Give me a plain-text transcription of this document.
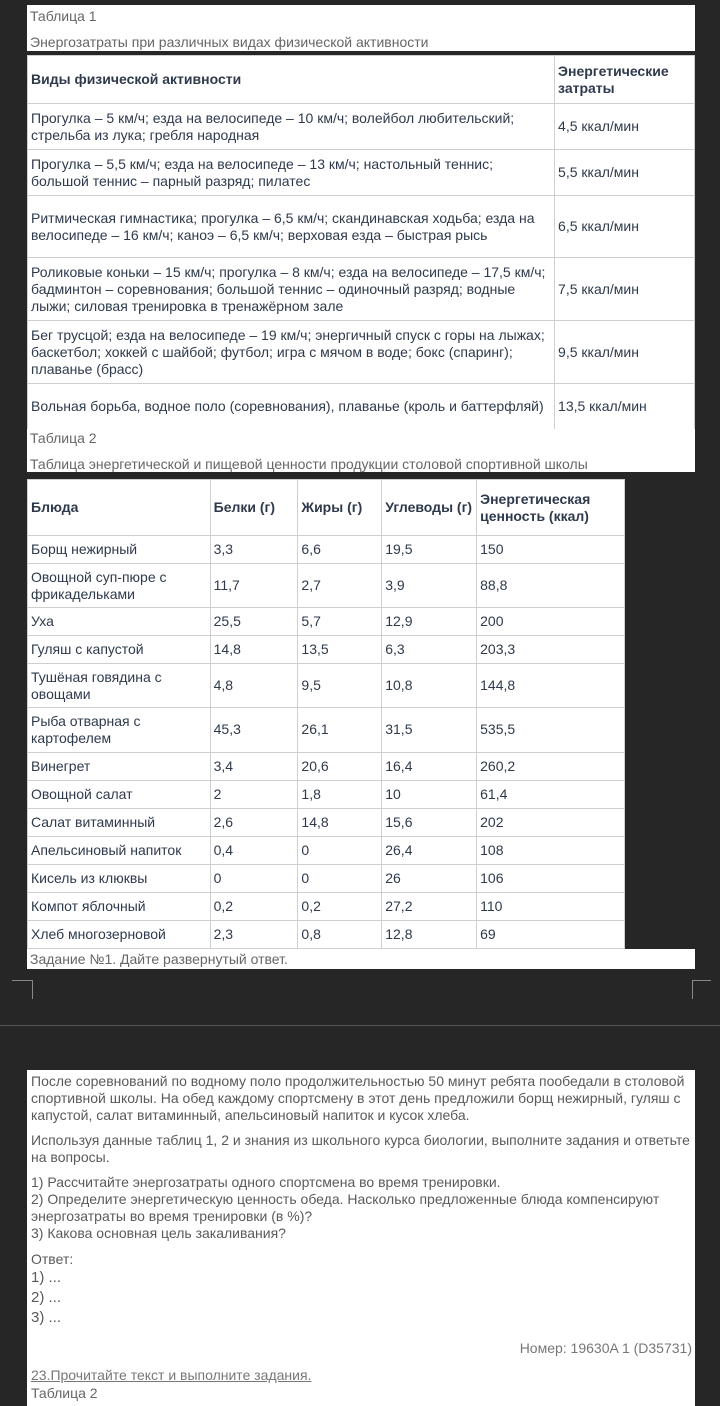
Таблица 1
Энергозатраты при различных видах физической активности
Виды физической активности	Энергетические затраты
Прогулка – 5 км/ч; езда на велосипеде – 10 км/ч; волейбол любительский; стрельба из лука; гребля народная	4,5 ккал/мин
Прогулка – 5,5 км/ч; езда на велосипеде – 13 км/ч; настольный теннис; большой теннис – парный разряд; пилатес	5,5 ккал/мин
Ритмическая гимнастика; прогулка – 6,5 км/ч; скандинавская ходьба; езда на велосипеде – 16 км/ч; каноэ – 6,5 км/ч; верховая езда – быстрая рысь	6,5 ккал/мин
Роликовые коньки – 15 км/ч; прогулка – 8 км/ч; езда на велосипеде – 17,5 км/ч; бадминтон – соревнования; большой теннис – одиночный разряд; водные лыжи; силовая тренировка в тренажёрном зале	7,5 ккал/мин
Бег трусцой; езда на велосипеде – 19 км/ч; энергичный спуск с горы на лыжах; баскетбол; хоккей с шайбой; футбол; игра с мячом в воде; бокс (спаринг); плаванье (брасс)	9,5 ккал/мин
Вольная борьба, водное поло (соревнования), плаванье (кроль и баттерфляй)	13,5 ккал/мин
Таблица 2
Таблица энергетической и пищевой ценности продукции столовой спортивной школы
Блюда	Белки (г)	Жиры (г)	Углеводы (г)	Энергетическая ценность (ккал)
Борщ нежирный	3,3	6,6	19,5	150
Овощной суп-пюре с фрикадельками	11,7	2,7	3,9	88,8
Уха	25,5	5,7	12,9	200
Гуляш с капустой	14,8	13,5	6,3	203,3
Тушёная говядина с овощами	4,8	9,5	10,8	144,8
Рыба отварная с картофелем	45,3	26,1	31,5	535,5
Винегрет	3,4	20,6	16,4	260,2
Овощной салат	2	1,8	10	61,4
Салат витаминный	2,6	14,8	15,6	202
Апельсиновый напиток	0,4	0	26,4	108
Кисель из клюквы	0	0	26	106
Компот яблочный	0,2	0,2	27,2	110
Хлеб многозерновой	2,3	0,8	12,8	69
Задание №1. Дайте развернутый ответ.

После соревнований по водному поло продолжительностью 50 минут ребята пообедали в столовой спортивной школы. На обед каждому спортсмену в этот день предложили борщ нежирный, гуляш с капустой, салат витаминный, апельсиновый напиток и кусок хлеба.

Используя данные таблиц 1, 2 и знания из школьного курса биологии, выполните задания и ответьте на вопросы.

1) Рассчитайте энергозатраты одного спортсмена во время тренировки.
2) Определите энергетическую ценность обеда. Насколько предложенные блюда компенсируют энергозатраты во время тренировки (в %)?
3) Какова основная цель закаливания?
Ответ:
1) ...
2) ...
3) ...
Номер: 19630A 1 (D35731)
23.Прочитайте текст и выполните задания.
Таблица 2
